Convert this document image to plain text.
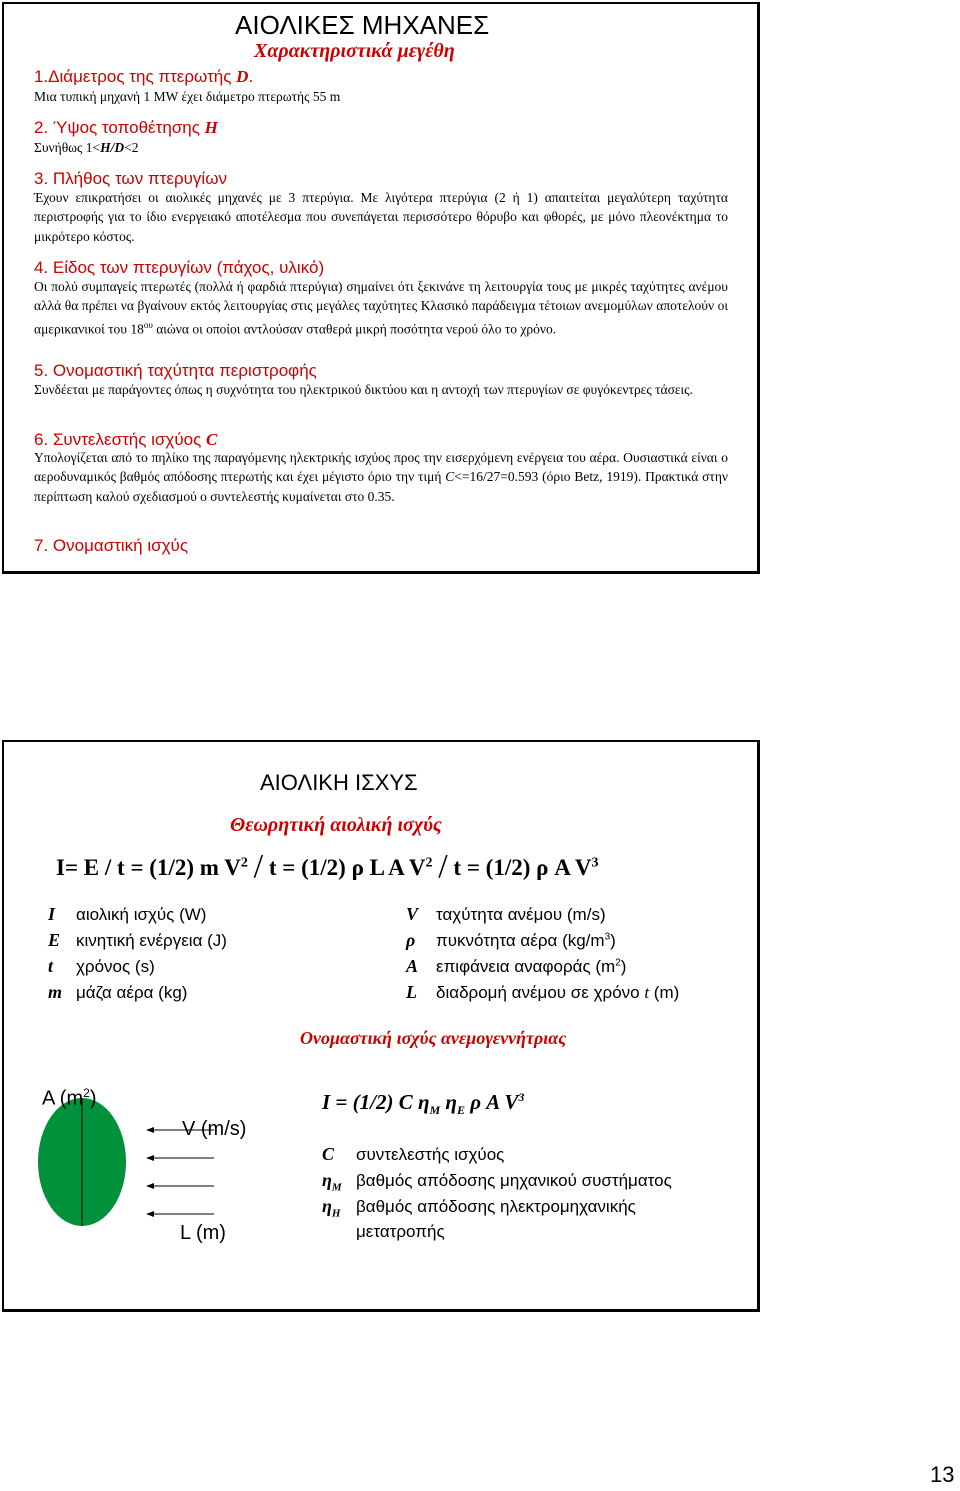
ΑΙΟΛΙΚΕΣ ΜΗΧΑΝΕΣ
Χαρακτηριστικά μεγέθη
1.Διάμετρος της πτερωτής D.
Μια τυπική μηχανή 1 MW έχει διάμετρο πτερωτής 55 m
2. Ύψος τοποθέτησης H
Συνήθως 1<H/D<2
3. Πλήθος των πτερυγίων
Έχουν επικρατήσει οι αιολικές μηχανές με 3 πτερύγια. Με λιγότερα πτερύγια (2 ή 1) απαιτείται μεγαλύτερη ταχύτητα περιστροφής για το ίδιο ενεργειακό αποτέλεσμα που συνεπάγεται περισσότερο θόρυβο και φθορές, με μόνο πλεονέκτημα το μικρότερο κόστος.
4. Είδος των πτερυγίων (πάχος, υλικό)
Οι πολύ συμπαγείς πτερωτές (πολλά ή φαρδιά πτερύγια) σημαίνει ότι ξεκινάνε τη λειτουργία τους με μικρές ταχύτητες ανέμου αλλά θα πρέπει να βγαίνουν εκτός λειτουργίας στις μεγάλες ταχύτητες Κλασικό παράδειγμα τέτοιων ανεμομύλων αποτελούν οι αμερικανικοί του $18^{o\upsilon}$ αιώνα οι οποίοι αντλούσαν σταθερά μικρή ποσότητα νερού όλο το χρόνο.
5. Ονομαστική ταχύτητα περιστροφής
Συνδέεται με παράγοντες όπως η συχνότητα του ηλεκτρικού δικτύου και η αντοχή των πτερυγίων σε φυγόκεντρες τάσεις.
6. Συντελεστής ισχύος C
Υπολογίζεται από το πηλίκο της παραγόμενης ηλεκτρικής ισχύος προς την εισερχόμενη ενέργεια του αέρα. Ουσιαστικά είναι ο αεροδυναμικός βαθμός απόδοσης πτερωτής και έχει μέγιστο όριο την τιμή C<=16/27=0.593 (όριο Betz, 1919). Πρακτικά στην περίπτωση καλού σχεδιασμού ο συντελεστής κυμαίνεται στο 0.35.
7. Ονομαστική ισχύς
ΑΙΟΛΙΚΗ ΙΣΧΥΣ
Θεωρητική αιολική ισχύς
I= E / t = (1/2) m $V^2 / t = (1/2)$ ρ L A $V^2 / t = (1/2)$ ρ A $V^3$
I αιολική ισχύς (W)
E κινητική ενέργεια (J)
t χρόνος (s)
m μάζα αέρα (kg)
V ταχύτητα ανέμου (m/s)
ρ πυκνότητα αέρα $(kg/m^3)$
A επιφάνεια αναφοράς $(m^2)$
L διαδρομή ανέμου σε χρόνο t (m)
Ονομαστική ισχύς ανεμογεννήτριας
A $(m^2)$
V (m/s)
L (m)
I = (1/2) C $\eta_M$ $\eta_E$ ρ A $V^3$
C συντελεστής ισχύος
$\eta_M$ βαθμός απόδοσης μηχανικού συστήματος
$\eta_H$ βαθμός απόδοσης ηλεκτρομηχανικής
μετατροπής
13
